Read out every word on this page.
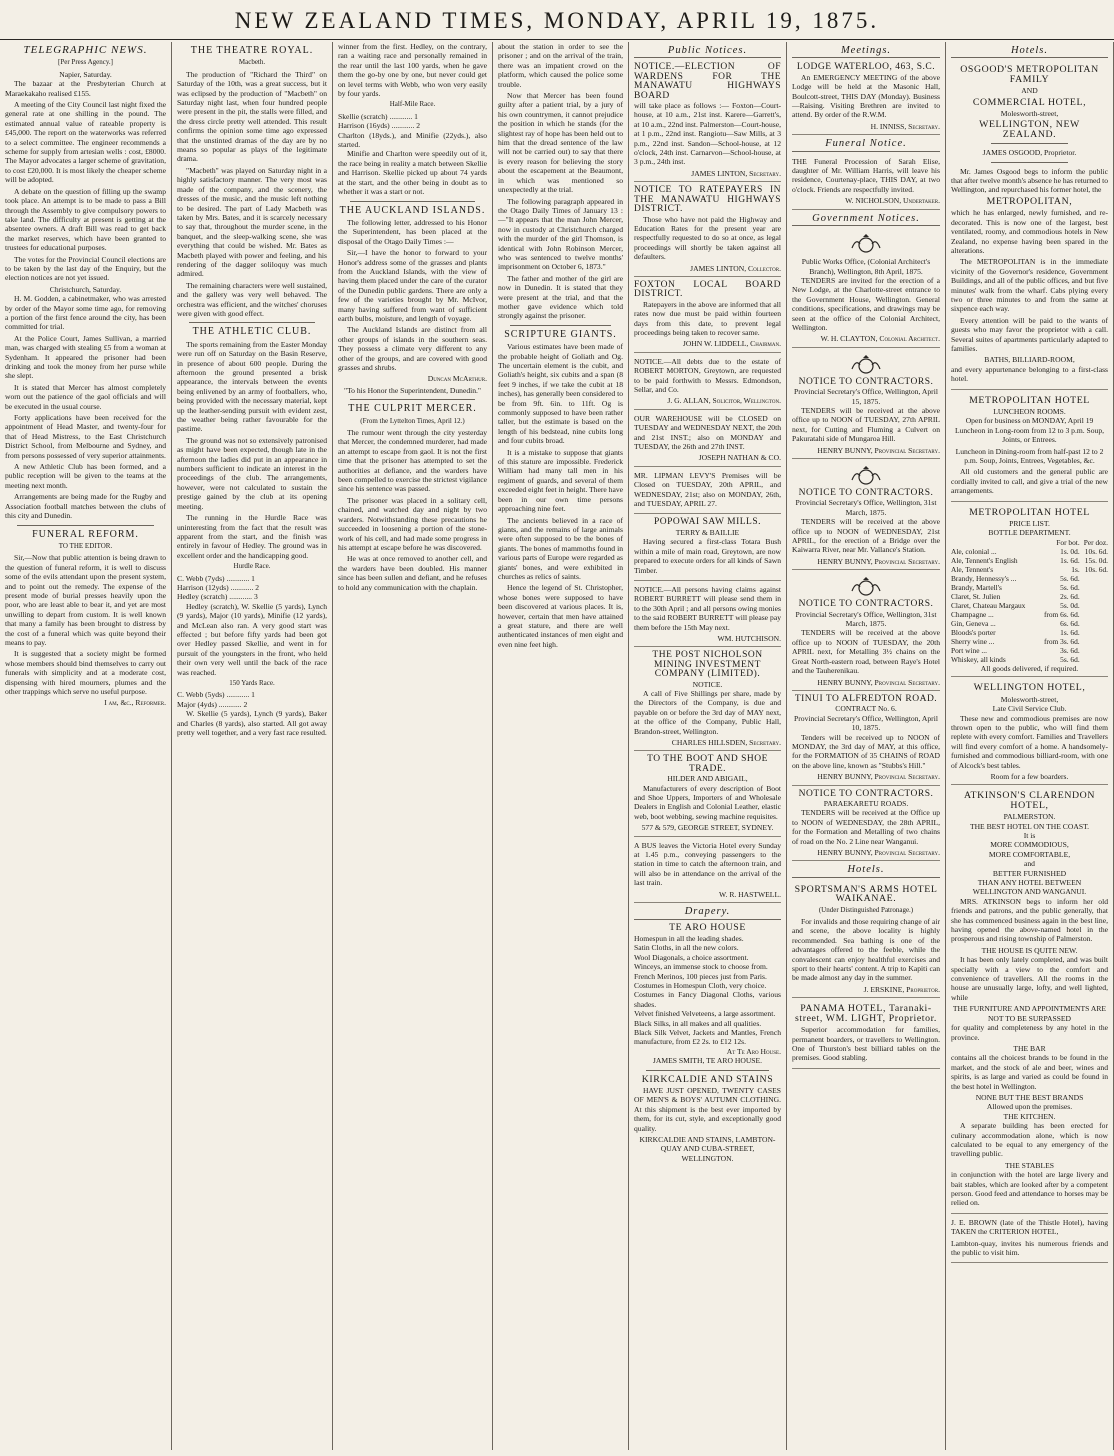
NEW ZEALAND TIMES, MONDAY, APRIL 19, 1875.
TELEGRAPHIC NEWS.
[Per Press Agency.]
Napier, Saturday.

The bazaar at the Presbyterian Church at Maraekakaho realised £155.

A meeting of the City Council last night fixed the general rate at one shilling in the pound. The estimated annual value of rateable property is £45,000. The report on the waterworks was referred to a select committee. The engineer recommends a scheme for supply from artesian wells : cost, £8000. The Mayor advocates a larger scheme of gravitation, to cost £20,000. It is most likely the cheaper scheme will be adopted.

A debate on the question of filling up the swamp took place. An attempt is to be made to pass a Bill through the Assembly to give compulsory powers to take land. The difficulty at present is getting at the absentee owners. A draft Bill was read to get back the market reserves, which have been granted to trustees for educational purposes.

The votes for the Provincial Council elections are to be taken by the last day of the Enquiry, but the election notices are not yet issued.

Christchurch, Saturday.

H. M. Godden, a cabinetmaker, who was arrested by order of the Mayor some time ago, for removing a portion of the first fence around the city, has been committed for trial.

At the Police Court, James Sullivan, a married man, was charged with stealing £5 from a woman at Sydenham. It appeared the prisoner had been drinking and took the money from her purse while she slept.

It is stated that Mercer has almost completely worn out the patience of the gaol officials and will be executed in the usual course.

Forty applications have been received for the appointment of Head Master, and twenty-four for that of Head Mistress, to the East Christchurch District School, from Melbourne and Sydney, and from persons possessed of very superior attainments.

A new Athletic Club has been formed, and a public reception will be given to the teams at the meeting next month.

Arrangements are being made for the Rugby and Association football matches between the clubs of this city and Dunedin.

FUNERAL REFORM.
TO THE EDITOR.

Sir,—Now that public attention is being drawn to the question of funeral reform, it is well to discuss some of the evils attendant upon the present system, and to point out the remedy. The expense of the present mode of burial presses heavily upon the poor, who are least able to bear it, and yet are most unwilling to depart from custom. It is well known that many a family has been brought to distress by the cost of a funeral which was quite beyond their means to pay.

It is suggested that a society might be formed whose members should bind themselves to carry out funerals with simplicity and at a moderate cost, dispensing with hired mourners, plumes and the other trappings which serve no useful purpose.

I am, &c., Reformer.

THE THEATRE ROYAL.
Macbeth.

The production of "Richard the Third" on Saturday of the 10th, was a great success, but it was eclipsed by the production of "Macbeth" on Saturday night last, when four hundred people were present in the pit, the stalls were filled, and the dress circle pretty well attended. This result confirms the opinion some time ago expressed that the unstinted dramas of the day are by no means so popular as plays of the legitimate drama.

"Macbeth" was played on Saturday night in a highly satisfactory manner. The very most was made of the company, and the scenery, the dresses of the music, and the music left nothing to be desired. The part of Lady Macbeth was taken by Mrs. Bates, and it is scarcely necessary to say that, throughout the murder scene, in the banquet, and the sleep-walking scene, she was everything that could be wished. Mr. Bates as Macbeth played with power and feeling, and his rendering of the dagger soliloquy was much admired.

The remaining characters were well sustained, and the gallery was very well behaved. The orchestra was efficient, and the witches' choruses were given with good effect.

THE ATHLETIC CLUB.

The sports remaining from the Easter Monday were run off on Saturday on the Basin Reserve, in presence of about 600 people. During the afternoon the ground presented a brisk appearance, the intervals between the events being enlivened by an army of footballers, who, being provided with the necessary material, kept up the leather-sending pursuit with evident zest, the weather being rather favourable for the pastime.

The ground was not so extensively patronised as might have been expected, though late in the afternoon the ladies did put in an appearance in numbers sufficient to indicate an interest in the proceedings of the club. The arrangements, however, were not calculated to sustain the prestige gained by the club at its opening meeting.

The running in the Hurdle Race was uninteresting from the fact that the result was apparent from the start, and the finish was entirely in favour of Hedley. The ground was in excellent order and the handicapping good.

Hurdle Race.
C. Webb (7yds) ............ 1
Harrison (12yds) ............ 2
Hedley (scratch) ............ 3

Hedley (scratch), W. Skellie (5 yards), Lynch (9 yards), Major (10 yards), Minifie (12 yards), and McLean also ran. A very good start was effected ; but before fifty yards had been got over Hedley passed Skellie, and went in for pursuit of the youngsters in the front, who held their own very well until the back of the race was reached.

150 Yards Race.
C. Webb (5yds) ............ 1
Major (4yds) ............ 2

W. Skellie (5 yards), Lynch (9 yards), Baker and Charles (8 yards), also started. All got away pretty well together, and a very fast race resulted.

winner from the first. Hedley, on the contrary, ran a waiting race and personally remained in the rear until the last 100 yards, when he gave them the go-by one by one, but never could get on level terms with Webb, who won very easily by four yards.

Half-Mile Race.
Skellie (scratch) ............ 1
Harrison (16yds) ............ 2
Charlton (18yds.), and Minifie (22yds.), also started.

Minifie and Charlton were speedily out of it, the race being in reality a match between Skellie and Harrison. Skellie picked up about 74 yards at the start, and the other being in doubt as to whether it was a start or not.

THE AUCKLAND ISLANDS.

The following letter, addressed to his Honor the Superintendent, has been placed at the disposal of the Otago Daily Times :—

Sir,—I have the honor to forward to your Honor's address some of the grasses and plants from the Auckland Islands, with the view of having them placed under the care of the curator of the Dunedin public gardens. There are only a few of the varieties brought by Mr. McIvor, many having suffered from want of sufficient earth bulbs, moisture, and length of voyage.

The Auckland Islands are distinct from all other groups of islands in the southern seas. They possess a climate very different to any other of the groups, and are covered with good grasses and shrubs.

Duncan McArthur.

"To his Honor the Superintendent, Dunedin."

THE CULPRIT MERCER.
(From the Lyttelton Times, April 12.)

The rumour went through the city yesterday that Mercer, the condemned murderer, had made an attempt to escape from gaol. It is not the first time that the prisoner has attempted to set the authorities at defiance, and the warders have been compelled to exercise the strictest vigilance since his sentence was passed.

The prisoner was placed in a solitary cell, chained, and watched day and night by two warders. Notwithstanding these precautions he succeeded in loosening a portion of the stone-work of his cell, and had made some progress in his attempt at escape before he was discovered.

He was at once removed to another cell, and the warders have been doubled. His manner since has been sullen and defiant, and he refuses to hold any communication with the chaplain.

about the station in order to see the prisoner ; and on the arrival of the train, there was an impatient crowd on the platform, which caused the police some trouble.

Now that Mercer has been found guilty after a patient trial, by a jury of his own countrymen, it cannot prejudice the position in which he stands (for the slightest ray of hope has been held out to him that the dread sentence of the law will not be carried out) to say that there is every reason for believing the story about the escapement at the Beaumont, in which was mentioned so unexpectedly at the trial.

The following paragraph appeared in the Otago Daily Times of January 13 :—"It appears that the man John Mercer, now in custody at Christchurch charged with the murder of the girl Thomson, is identical with John Robinson Mercer, who was sentenced to twelve months' imprisonment on October 6, 1873."

The father and mother of the girl are now in Dunedin. It is stated that they were present at the trial, and that the mother gave evidence which told strongly against the prisoner.

SCRIPTURE GIANTS.

Various estimates have been made of the probable height of Goliath and Og. The uncertain element is the cubit, and Goliath's height, six cubits and a span (8 feet 9 inches, if we take the cubit at 18 inches), has generally been considered to be from 9ft. 6in. to 11ft. Og is commonly supposed to have been rather taller, but the estimate is based on the length of his bedstead, nine cubits long and four cubits broad.

It is a mistake to suppose that giants of this stature are impossible. Frederick William had many tall men in his regiment of guards, and several of them exceeded eight feet in height. There have been in our own time persons approaching nine feet.

The ancients believed in a race of giants, and the remains of large animals were often supposed to be the bones of giants. The bones of mammoths found in various parts of Europe were regarded as giants' bones, and were exhibited in churches as relics of saints.

Hence the legend of St. Christopher, whose bones were supposed to have been discovered at various places. It is, however, certain that men have attained a great stature, and there are well authenticated instances of men eight and even nine feet high.

Public Notices.
NOTICE.—ELECTION OF WARDENS FOR THE MANAWATU HIGHWAYS BOARD

will take place as follows :— Foxton—Court-house, at 10 a.m., 21st inst. Karere—Garrett's, at 10 a.m., 22nd inst. Palmerston—Court-house, at 1 p.m., 22nd inst. Rangiotu—Saw Mills, at 3 p.m., 22nd inst. Sandon—School-house, at 12 o'clock, 24th inst. Carnarvon—School-house, at 3 p.m., 24th inst.

JAMES LINTON, Secretary.
NOTICE TO RATEPAYERS IN THE MANAWATU HIGHWAYS DISTRICT.

Those who have not paid the Highway and Education Rates for the present year are respectfully requested to do so at once, as legal proceedings will shortly be taken against all defaulters.

JAMES LINTON, Collector.
FOXTON LOCAL BOARD DISTRICT.

Ratepayers in the above are informed that all rates now due must be paid within fourteen days from this date, to prevent legal proceedings being taken to recover same.

JOHN W. LIDDELL, Chairman.

NOTICE.—All debts due to the estate of ROBERT MORTON, Greytown, are requested to be paid forthwith to Messrs. Edmondson, Sellar, and Co.

J. G. ALLAN, Solicitor, Wellington.

OUR WAREHOUSE will be CLOSED on TUESDAY and WEDNESDAY NEXT, the 20th and 21st INST.; also on MONDAY and TUESDAY, the 26th and 27th INST.

JOSEPH NATHAN & CO.

MR. LIPMAN LEVY'S Premises will be Closed on TUESDAY, 20th APRIL, and WEDNESDAY, 21st; also on MONDAY, 26th, and TUESDAY, APRIL 27.

POPOWAI SAW MILLS.
TERRY & BAILLIE

Having secured a first-class Totara Bush within a mile of main road, Greytown, are now prepared to execute orders for all kinds of Sawn Timber.

NOTICE.—All persons having claims against ROBERT BURRETT will please send them in to the 30th April ; and all persons owing monies to the said ROBERT BURRETT will please pay them before the 15th May next.

WM. HUTCHISON.
THE POST NICHOLSON MINING INVESTMENT COMPANY (LIMITED).
NOTICE.

A call of Five Shillings per share, made by the Directors of the Company, is due and payable on or before the 3rd day of MAY next, at the office of the Company, Public Hall, Brandon-street, Wellington.

CHARLES HILLSDEN, Secretary.
TO THE BOOT AND SHOE TRADE.
HILDER AND ABIGAIL,

Manufacturers of every description of Boot and Shoe Uppers, Importers of and Wholesale Dealers in English and Colonial Leather, elastic web, boot webbing, sewing machine requisites.

577 & 579, GEORGE STREET, SYDNEY.

A BUS leaves the Victoria Hotel every Sunday at 1.45 p.m., conveying passengers to the station in time to catch the afternoon train, and will also be in attendance on the arrival of the last train.

W. R. HASTWELL.
Drapery.
TE ARO HOUSE
Homespun in all the leading shades.
Satin Cloths, in all the new colors.
Wool Diagonals, a choice assortment.
Winceys, an immense stock to choose from.
French Merinos, 100 pieces just from Paris.
Costumes in Homespun Cloth, very choice.
Costumes in Fancy Diagonal Cloths, various shades.
Velvet finished Velveteens, a large assortment.
Black Silks, in all makes and all qualities.
Black Silk Velvet, Jackets and Mantles, French manufacture, from £2 2s. to £12 12s.
At Te Aro House.
JAMES SMITH, TE ARO HOUSE.
KIRKCALDIE AND STAINS

HAVE JUST OPENED, TWENTY CASES OF MEN'S & BOYS' AUTUMN CLOTHING. At this shipment is the best ever imported by them, for its cut, style, and exceptionally good quality.

KIRKCALDIE AND STAINS, LAMBTON-QUAY AND CUBA-STREET, WELLINGTON.
Meetings.
LODGE WATERLOO, 463, S.C.

An EMERGENCY MEETING of the above Lodge will be held at the Masonic Hall, Boulcott-street, THIS DAY (Monday). Business—Raising. Visiting Brethren are invited to attend. By order of the R.W.M.

H. INNISS, Secretary.
Funeral Notice.

THE Funeral Procession of Sarah Elise, daughter of Mr. William Harris, will leave his residence, Courtenay-place, THIS DAY, at two o'clock. Friends are respectfully invited.

W. NICHOLSON, Undertaker.
Government Notices.
Public Works Office, (Colonial Architect's Branch), Wellington, 8th April, 1875.

TENDERS are invited for the erection of a New Lodge, at the Charlotte-street entrance to the Government House, Wellington. General conditions, specifications, and drawings may be seen at the office of the Colonial Architect, Wellington.

W. H. CLAYTON, Colonial Architect.
NOTICE TO CONTRACTORS.
Provincial Secretary's Office, Wellington, April 15, 1875.

TENDERS will be received at the above office up to NOON of TUESDAY, 27th APRIL next, for Cutting and Fluming a Culvert on Pakuratahi side of Mungaroa Hill.

HENRY BUNNY, Provincial Secretary.
NOTICE TO CONTRACTORS.
Provincial Secretary's Office, Wellington, 31st March, 1875.

TENDERS will be received at the above office up to NOON of WEDNESDAY, 21st APRIL, for the erection of a Bridge over the Kaiwarra River, near Mr. Vallance's Station.

HENRY BUNNY, Provincial Secretary.
NOTICE TO CONTRACTORS.
Provincial Secretary's Office, Wellington, 31st March, 1875.

TENDERS will be received at the above office up to NOON of TUESDAY, the 20th APRIL next, for Metalling 3½ chains on the Great North-eastern road, between Raye's Hotel and the Tauherenikau.

HENRY BUNNY, Provincial Secretary.
TINUI TO ALFREDTON ROAD.
CONTRACT No. 6.
Provincial Secretary's Office, Wellington, April 10, 1875.

Tenders will be received up to NOON of MONDAY, the 3rd day of MAY, at this office, for the FORMATION of 35 CHAINS of ROAD on the above line, known as "Stubbs's Hill."

HENRY BUNNY, Provincial Secretary.
NOTICE TO CONTRACTORS.
PARAEKARETU ROADS.

TENDERS will be received at the Office up to NOON of WEDNESDAY, the 28th APRIL, for the Formation and Metalling of two chains of road on the No. 2 Line near Wanganui.

HENRY BUNNY, Provincial Secretary.
Hotels.
SPORTSMAN'S ARMS HOTEL WAIKANAE.
(Under Distinguished Patronage.)

For invalids and those requiring change of air and scene, the above locality is highly recommended. Sea bathing is one of the advantages offered to the feeble, while the convalescent can enjoy healthful exercises and sport to their hearts' content. A trip to Kapiti can be made almost any day in the summer.

J. ERSKINE, Proprietor.
PANAMA HOTEL, Taranaki-street, WM. LIGHT, Proprietor.

Superior accommodation for families, permanent boarders, or travellers to Wellington. One of Thurston's best billiard tables on the premises. Good stabling.

Hotels.
OSGOOD'S METROPOLITAN FAMILY
AND
COMMERCIAL HOTEL,
Molesworth-street,
WELLINGTON, NEW ZEALAND.
JAMES OSGOOD, Proprietor.

Mr. James Osgood begs to inform the public that after twelve month's absence he has returned to Wellington, and repurchased his former hotel, the

METROPOLITAN,

which he has enlarged, newly furnished, and re-decorated. This is now one of the largest, best ventilated, roomy, and commodious hotels in New Zealand, no expense having been spared in the alterations.

The METROPOLITAN is in the immediate vicinity of the Governor's residence, Government Buildings, and all of the public offices, and but five minutes' walk from the wharf. Cabs plying every two or three minutes to and from the same at sixpence each way.

Every attention will be paid to the wants of guests who may favor the proprietor with a call. Several suites of apartments particularly adapted to families.

BATHS, BILLIARD-ROOM,

and every appurtenance belonging to a first-class hotel.

METROPOLITAN HOTEL
LUNCHEON ROOMS.
Open for business on MONDAY, April 19

Luncheon in Long-room from 12 to 3 p.m. Soup, Joints, or Entrees.

Luncheon in Dining-room from half-past 12 to 2 p.m. Soup, Joints, Entrees, Vegetables, &c.

All old customers and the general public are cordially invited to call, and give a trial of the new arrangements.

METROPOLITAN HOTEL
PRICE LIST.
BOTTLE DEPARTMENT.
	For bot.	Per doz.
Ale, colonial ...	1s. 0d.	10s. 6d.
Ale, Tennent's English	1s. 6d.	15s. 0d.
Ale, Tennent's	1s.	10s. 6d.
Brandy, Hennessy's ...	5s. 6d.	
Brandy, Martell's	5s. 6d.	
Claret, St. Julien	2s. 6d.	
Claret, Chateau Margaux	5s. 0d.	
Champagne ...	from 6s. 6d.	
Gin, Geneva ...	6s. 6d.	
Bloods's porter	1s. 6d.	
Sherry wine ...	from 3s. 6d.	
Port wine ...	3s. 6d.	
Whiskey, all kinds	5s. 6d.	
All goods delivered, if required.
WELLINGTON HOTEL,
Molesworth-street,
Late Civil Service Club.

These new and commodious premises are now thrown open to the public, who will find them replete with every comfort. Families and Travellers will find every comfort of a home. A handsomely-furnished and commodious billiard-room, with one of Alcock's best tables.

Room for a few boarders.
ATKINSON'S CLARENDON HOTEL,
PALMERSTON.
THE BEST HOTEL ON THE COAST.
It is
MORE COMMODIOUS,
MORE COMFORTABLE,
and
BETTER FURNISHED
THAN ANY HOTEL BETWEEN
WELLINGTON AND WANGANUI.

MRS. ATKINSON begs to inform her old friends and patrons, and the public generally, that she has commenced business again in the best line, having opened the above-named hotel in the prosperous and rising township of Palmerston.

THE HOUSE IS QUITE NEW.

It has been only lately completed, and was built specially with a view to the comfort and convenience of travellers. All the rooms in the house are unusually large, lofty, and well lighted, while

THE FURNITURE AND APPOINTMENTS ARE NOT TO BE SURPASSED

for quality and completeness by any hotel in the province.

THE BAR

contains all the choicest brands to be found in the market, and the stock of ale and beer, wines and spirits, is as large and varied as could be found in the best hotel in Wellington.

NONE BUT THE BEST BRANDS
Allowed upon the premises.
THE KITCHEN.

A separate building has been erected for culinary accommodation alone, which is now calculated to be equal to any emergency of the travelling public.

THE STABLES

in conjunction with the hotel are large livery and bait stables, which are looked after by a competent person. Good feed and attendance to horses may be relied on.

J. E. BROWN (late of the Thistle Hotel), having TAKEN the CRITERION HOTEL,

Lambton-quay, invites his numerous friends and the public to visit him.
